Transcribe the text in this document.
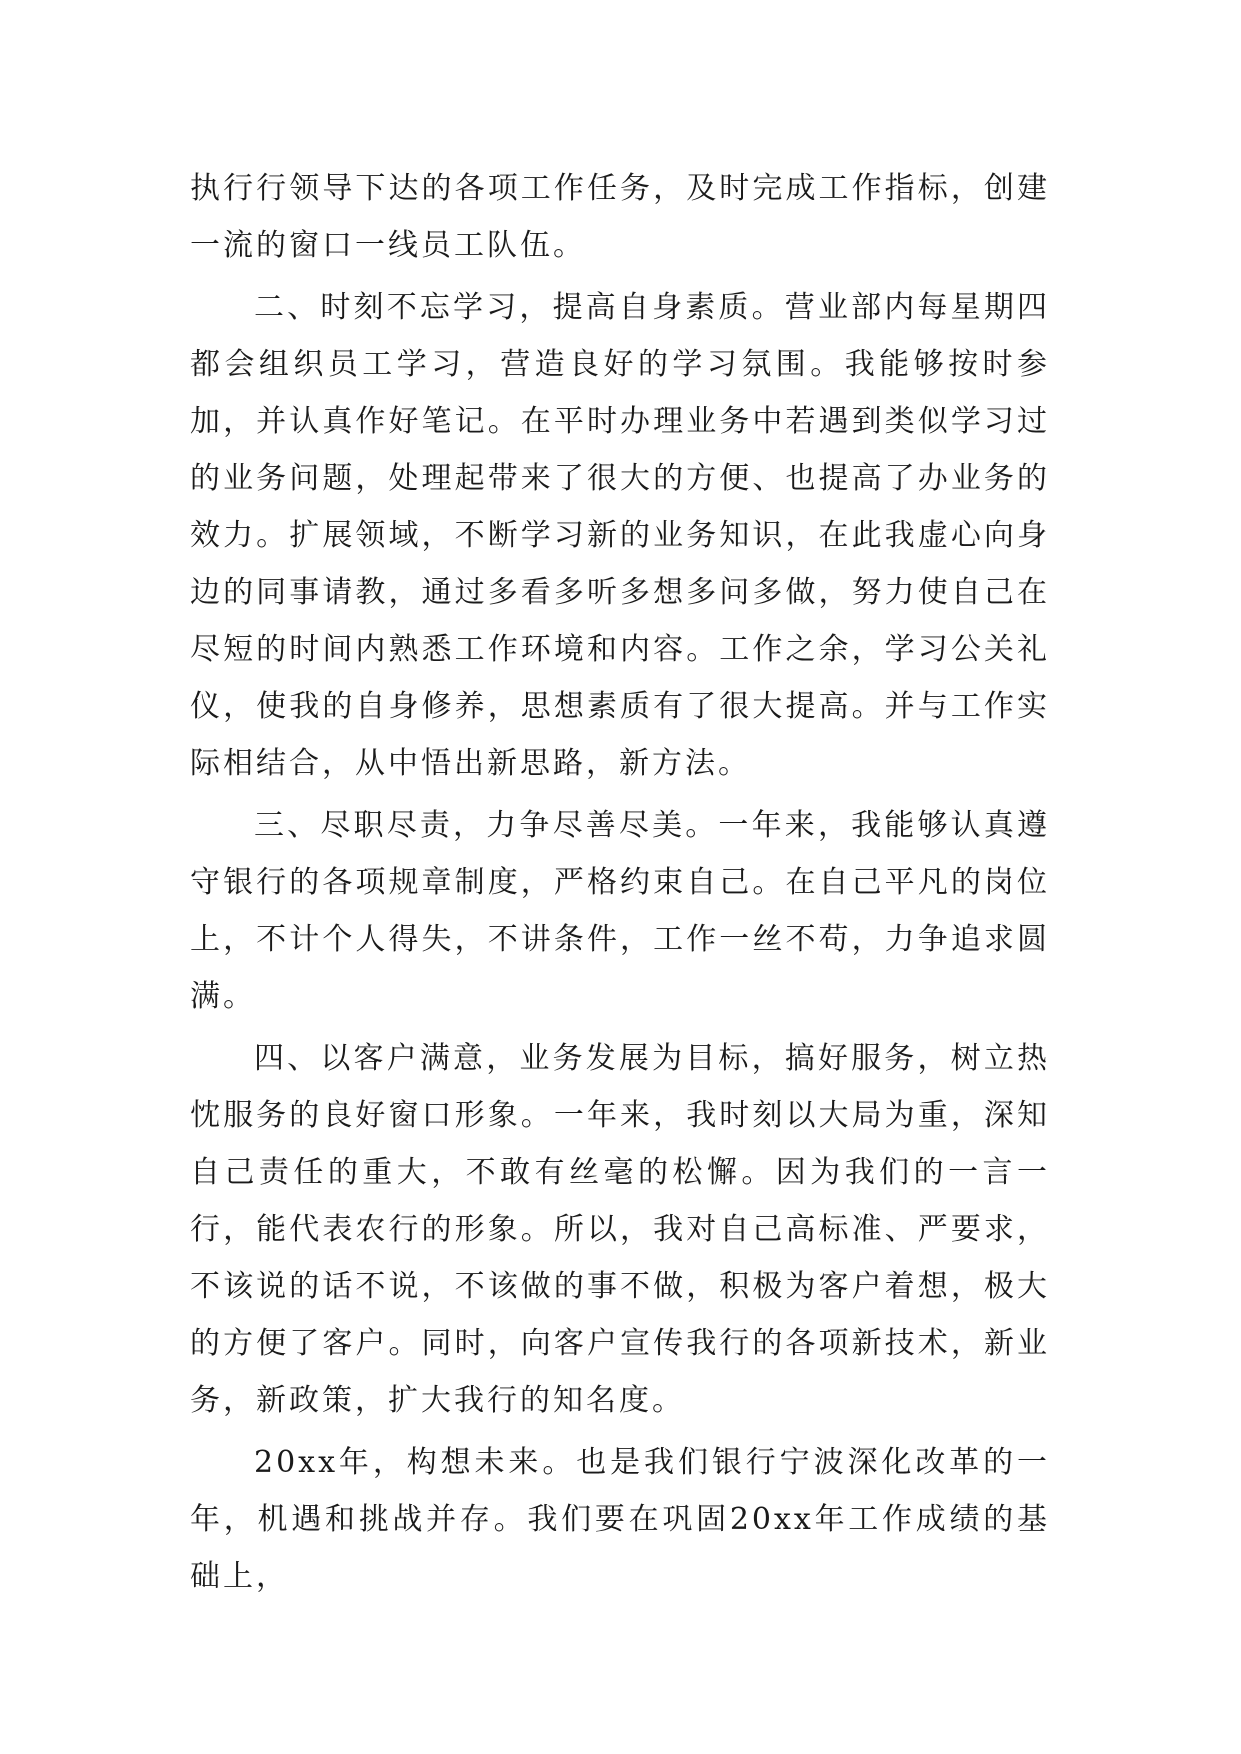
执行行领导下达的各项工作任务，及时完成工作指标，创建一流的窗口一线员工队伍。

二、时刻不忘学习，提高自身素质。营业部内每星期四都会组织员工学习，营造良好的学习氛围。我能够按时参加，并认真作好笔记。在平时办理业务中若遇到类似学习过的业务问题，处理起带来了很大的方便、也提高了办业务的效力。扩展领域，不断学习新的业务知识，在此我虚心向身边的同事请教，通过多看多听多想多问多做，努力使自己在尽短的时间内熟悉工作环境和内容。工作之余，学习公关礼仪，使我的自身修养，思想素质有了很大提高。并与工作实际相结合，从中悟出新思路，新方法。

三、尽职尽责，力争尽善尽美。一年来，我能够认真遵守银行的各项规章制度，严格约束自己。在自己平凡的岗位上，不计个人得失，不讲条件，工作一丝不苟，力争追求圆满。

四、以客户满意，业务发展为目标，搞好服务，树立热忱服务的良好窗口形象。一年来，我时刻以大局为重，深知自己责任的重大，不敢有丝毫的松懈。因为我们的一言一行，能代表农行的形象。所以，我对自己高标准、严要求，不该说的话不说，不该做的事不做，积极为客户着想，极大的方便了客户。同时，向客户宣传我行的各项新技术，新业务，新政策，扩大我行的知名度。

20xx年，构想未来。也是我们银行宁波深化改革的一年，机遇和挑战并存。我们要在巩固20xx年工作成绩的基础上，
